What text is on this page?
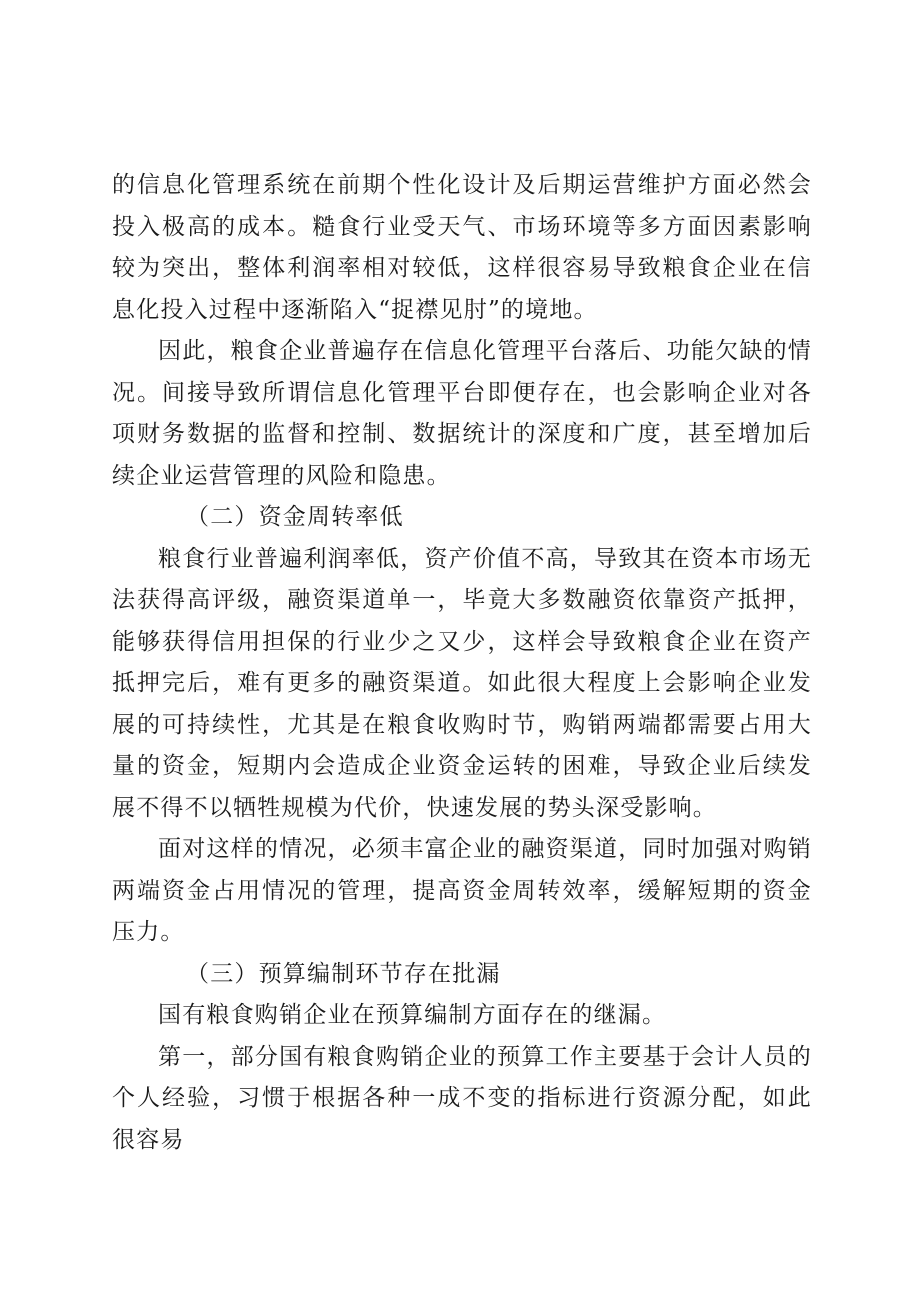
的信息化管理系统在前期个性化设计及后期运营维护方面必然会投入极高的成本。糙食行业受天气、市场环境等多方面因素影响较为突出，整体利润率相对较低，这样很容易导致粮食企业在信息化投入过程中逐渐陷入“捉襟见肘”的境地。

因此，粮食企业普遍存在信息化管理平台落后、功能欠缺的情况。间接导致所谓信息化管理平台即便存在，也会影响企业对各项财务数据的监督和控制、数据统计的深度和广度，甚至增加后续企业运营管理的风险和隐患。

（二）资金周转率低

粮食行业普遍利润率低，资产价值不高，导致其在资本市场无法获得高评级，融资渠道单一，毕竟大多数融资依靠资产抵押，能够获得信用担保的行业少之又少，这样会导致粮食企业在资产抵押完后，难有更多的融资渠道。如此很大程度上会影响企业发展的可持续性，尤其是在粮食收购时节，购销两端都需要占用大量的资金，短期内会造成企业资金运转的困难，导致企业后续发展不得不以牺牲规模为代价，快速发展的势头深受影响。

面对这样的情况，必须丰富企业的融资渠道，同时加强对购销两端资金占用情况的管理，提高资金周转效率，缓解短期的资金压力。

（三）预算编制环节存在批漏

国有粮食购销企业在预算编制方面存在的继漏。

第一，部分国有粮食购销企业的预算工作主要基于会计人员的个人经验，习惯于根据各种一成不变的指标进行资源分配，如此很容易
